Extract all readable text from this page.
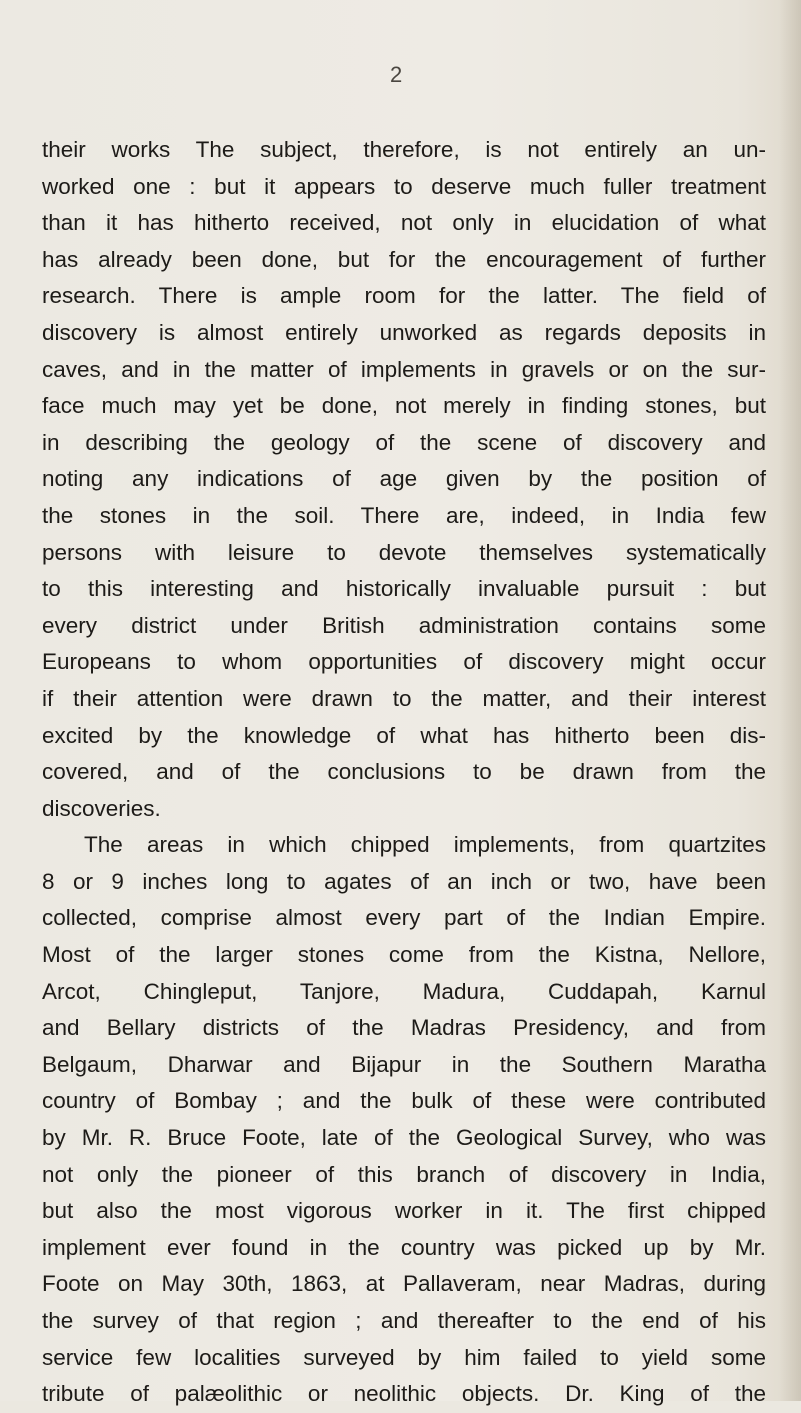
2
their works The subject, therefore, is not entirely an un-
worked one : but it appears to deserve much fuller treatment
than it has hitherto received, not only in elucidation of what
has already been done, but for the encouragement of further
research. There is ample room for the latter. The field of
discovery is almost entirely unworked as regards deposits in
caves, and in the matter of implements in gravels or on the sur-
face much may yet be done, not merely in finding stones, but
in describing the geology of the scene of discovery and
noting any indications of age given by the position of
the stones in the soil. There are, indeed, in India few
persons with leisure to devote themselves systematically
to this interesting and historically invaluable pursuit : but
every district under British administration contains some
Europeans to whom opportunities of discovery might occur
if their attention were drawn to the matter, and their interest
excited by the knowledge of what has hitherto been dis-
covered, and of the conclusions to be drawn from the
discoveries.
The areas in which chipped implements, from quartzites
8 or 9 inches long to agates of an inch or two, have been
collected, comprise almost every part of the Indian Empire.
Most of the larger stones come from the Kistna, Nellore,
Arcot, Chingleput, Tanjore, Madura, Cuddapah, Karnul
and Bellary districts of the Madras Presidency, and from
Belgaum, Dharwar and Bijapur in the Southern Maratha
country of Bombay ; and the bulk of these were contributed
by Mr. R. Bruce Foote, late of the Geological Survey, who was
not only the pioneer of this branch of discovery in India,
but also the most vigorous worker in it. The first chipped
implement ever found in the country was picked up by Mr.
Foote on May 30th, 1863, at Pallaveram, near Madras, during
the survey of that region ; and thereafter to the end of his
service few localities surveyed by him failed to yield some
tribute of palæolithic or neolithic objects. Dr. King of the
